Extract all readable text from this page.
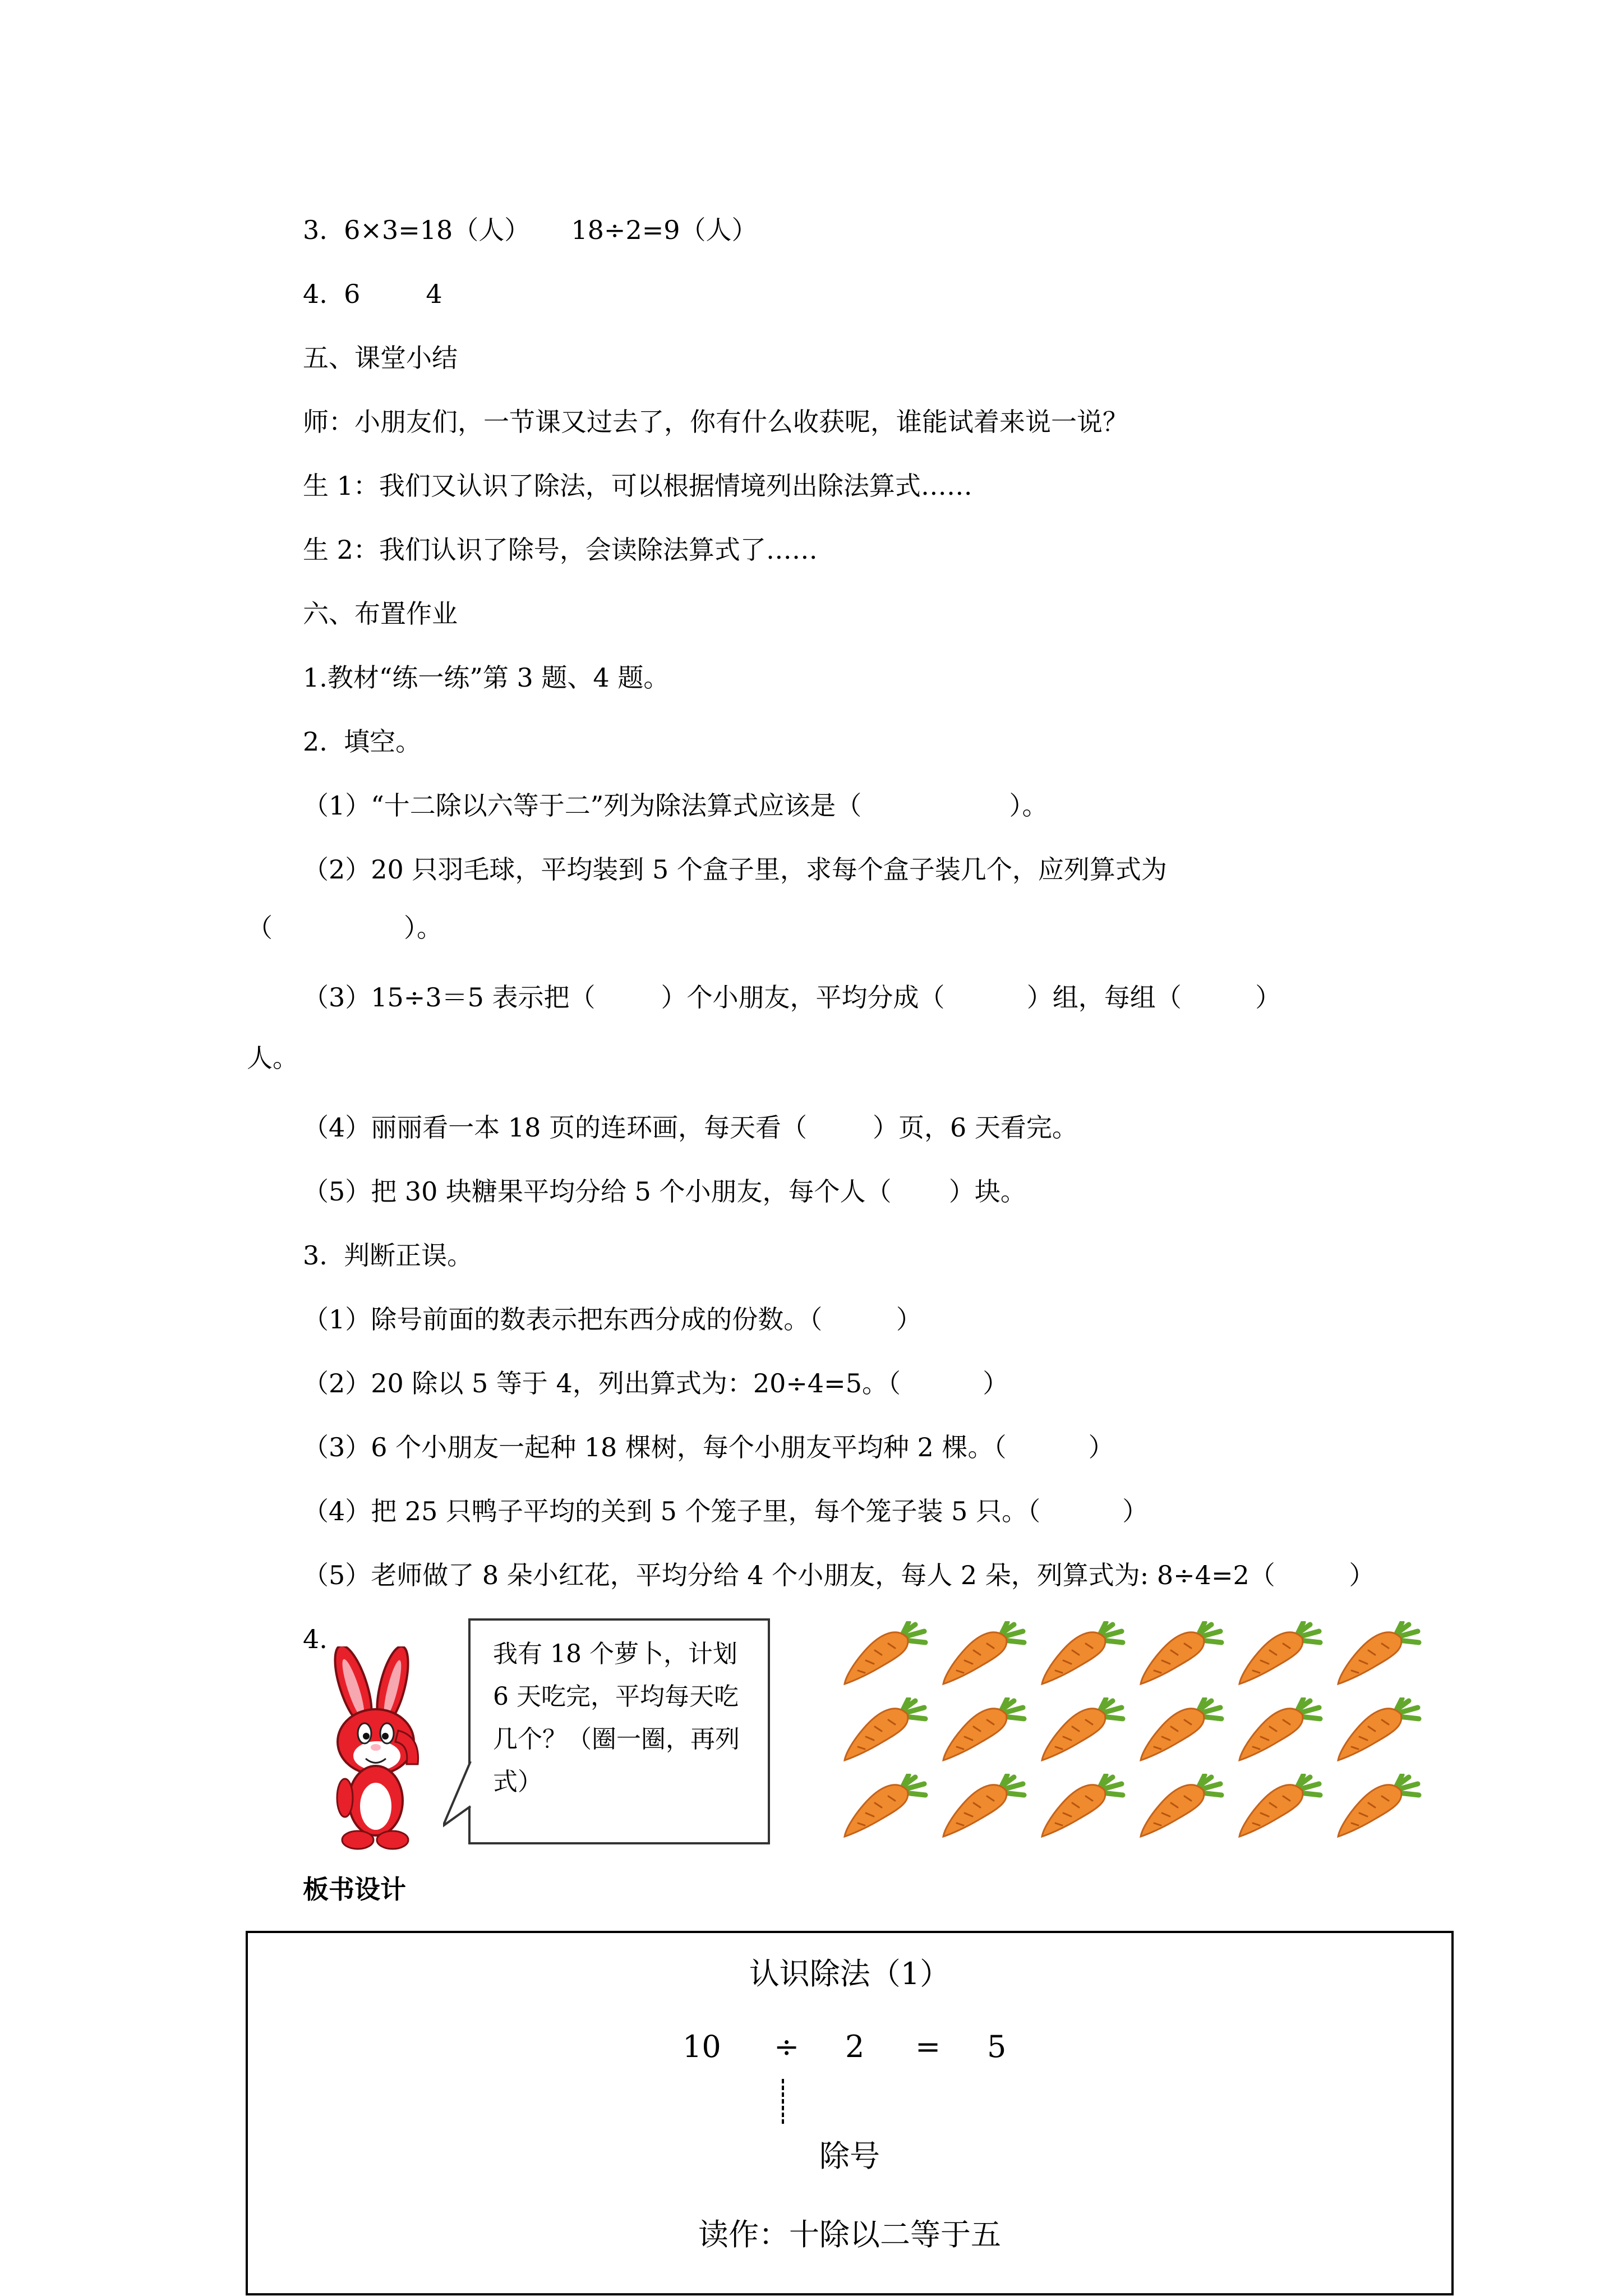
3.  6×3=18（人）     18÷2=9（人）
4.  6        4
五、课堂小结
师：小朋友们，一节课又过去了，你有什么收获呢，谁能试着来说一说？
生 1：我们又认识了除法，可以根据情境列出除法算式……
生 2：我们认识了除号，会读除法算式了……
六、布置作业
1.教材“练一练”第 3 题、4 题。
2.  填空。
（1）“十二除以六等于二”列为除法算式应该是（                  ）。
（2）20 只羽毛球，平均装到 5 个盒子里，求每个盒子装几个，应列算式为
（                ）。
（3）15÷3＝5 表示把（        ）个小朋友，平均分成（          ）组，每组（         ）
人。
（4）丽丽看一本 18 页的连环画，每天看（        ）页，6 天看完。
（5）把 30 块糖果平均分给 5 个小朋友，每个人（       ）块。
3.  判断正误。
（1）除号前面的数表示把东西分成的份数。（         ）
（2）20 除以 5 等于 4，列出算式为：20÷4=5。（          ）
（3）6 个小朋友一起种 18 棵树，每个小朋友平均种 2 棵。（          ）
（4）把 25 只鸭子平均的关到 5 个笼子里，每个笼子装 5 只。（          ）
（5）老师做了 8 朵小红花，平均分给 4 个小朋友，每人 2 朵，列算式为: 8÷4=2（         ）
4.	我有 18 个萝卜，计划 6 天吃完，平均每天吃几个？（圈一圈，再列式）
板书设计
认识除法（1）
10 ÷ 2 = 5
除号
读作：十除以二等于五
